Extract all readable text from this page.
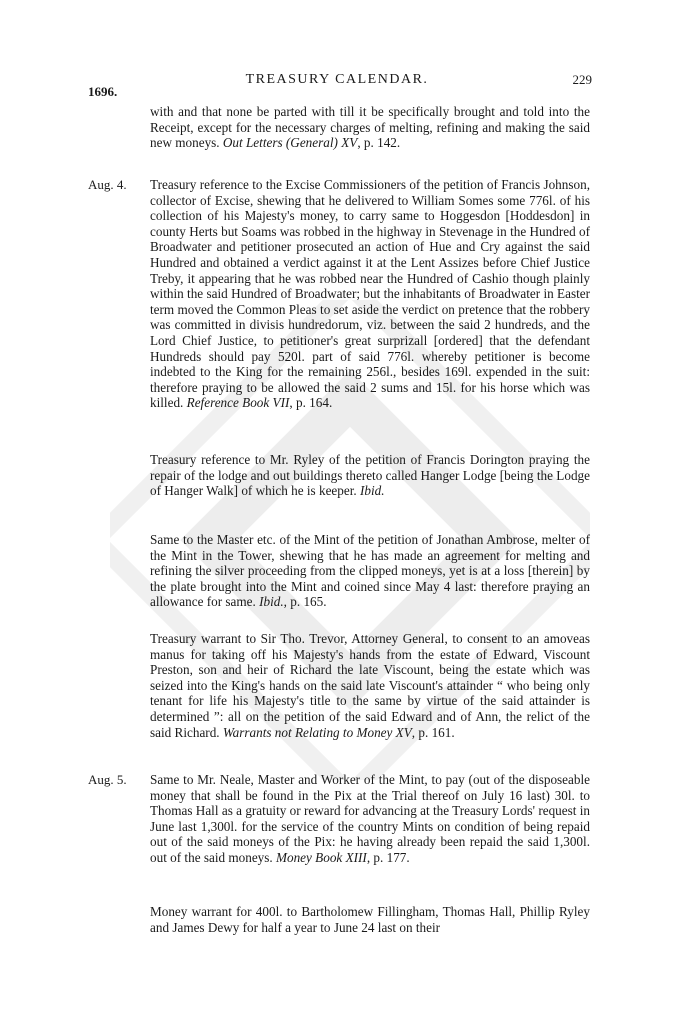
1696.
TREASURY CALENDAR.	229
with and that none be parted with till it be specifically brought and told into the Receipt, except for the necessary charges of melting, refining and making the said new moneys. Out Letters (General) XV, p. 142.
Aug. 4. Treasury reference to the Excise Commissioners of the petition of Francis Johnson, collector of Excise, shewing that he delivered to William Somes some 776l. of his collection of his Majesty's money, to carry same to Hoggesdon [Hoddesdon] in county Herts but Soams was robbed in the highway in Stevenage in the Hundred of Broadwater and petitioner prosecuted an action of Hue and Cry against the said Hundred and obtained a verdict against it at the Lent Assizes before Chief Justice Treby, it appearing that he was robbed near the Hundred of Cashio though plainly within the said Hundred of Broadwater; but the inhabitants of Broadwater in Easter term moved the Common Pleas to set aside the verdict on pretence that the robbery was committed in divisis hundredorum, viz. between the said 2 hundreds, and the Lord Chief Justice, to petitioner's great surprizall [ordered] that the defendant Hundreds should pay 520l. part of said 776l. whereby petitioner is become indebted to the King for the remaining 256l., besides 169l. expended in the suit: therefore praying to be allowed the said 2 sums and 15l. for his horse which was killed. Reference Book VII, p. 164.
Treasury reference to Mr. Ryley of the petition of Francis Dorington praying the repair of the lodge and out buildings thereto called Hanger Lodge [being the Lodge of Hanger Walk] of which he is keeper. Ibid.
Same to the Master etc. of the Mint of the petition of Jonathan Ambrose, melter of the Mint in the Tower, shewing that he has made an agreement for melting and refining the silver proceeding from the clipped moneys, yet is at a loss [therein] by the plate brought into the Mint and coined since May 4 last: therefore praying an allowance for same. Ibid., p. 165.
Treasury warrant to Sir Tho. Trevor, Attorney General, to consent to an amoveas manus for taking off his Majesty's hands from the estate of Edward, Viscount Preston, son and heir of Richard the late Viscount, being the estate which was seized into the King's hands on the said late Viscount's attainder “ who being only tenant for life his Majesty's title to the same by virtue of the said attainder is determined ”: all on the petition of the said Edward and of Ann, the relict of the said Richard. Warrants not Relating to Money XV, p. 161.
Aug. 5. Same to Mr. Neale, Master and Worker of the Mint, to pay (out of the disposeable money that shall be found in the Pix at the Trial thereof on July 16 last) 30l. to Thomas Hall as a gratuity or reward for advancing at the Treasury Lords' request in June last 1,300l. for the service of the country Mints on condition of being repaid out of the said moneys of the Pix: he having already been repaid the said 1,300l. out of the said moneys. Money Book XIII, p. 177.
Money warrant for 400l. to Bartholomew Fillingham, Thomas Hall, Phillip Ryley and James Dewy for half a year to June 24 last on their
